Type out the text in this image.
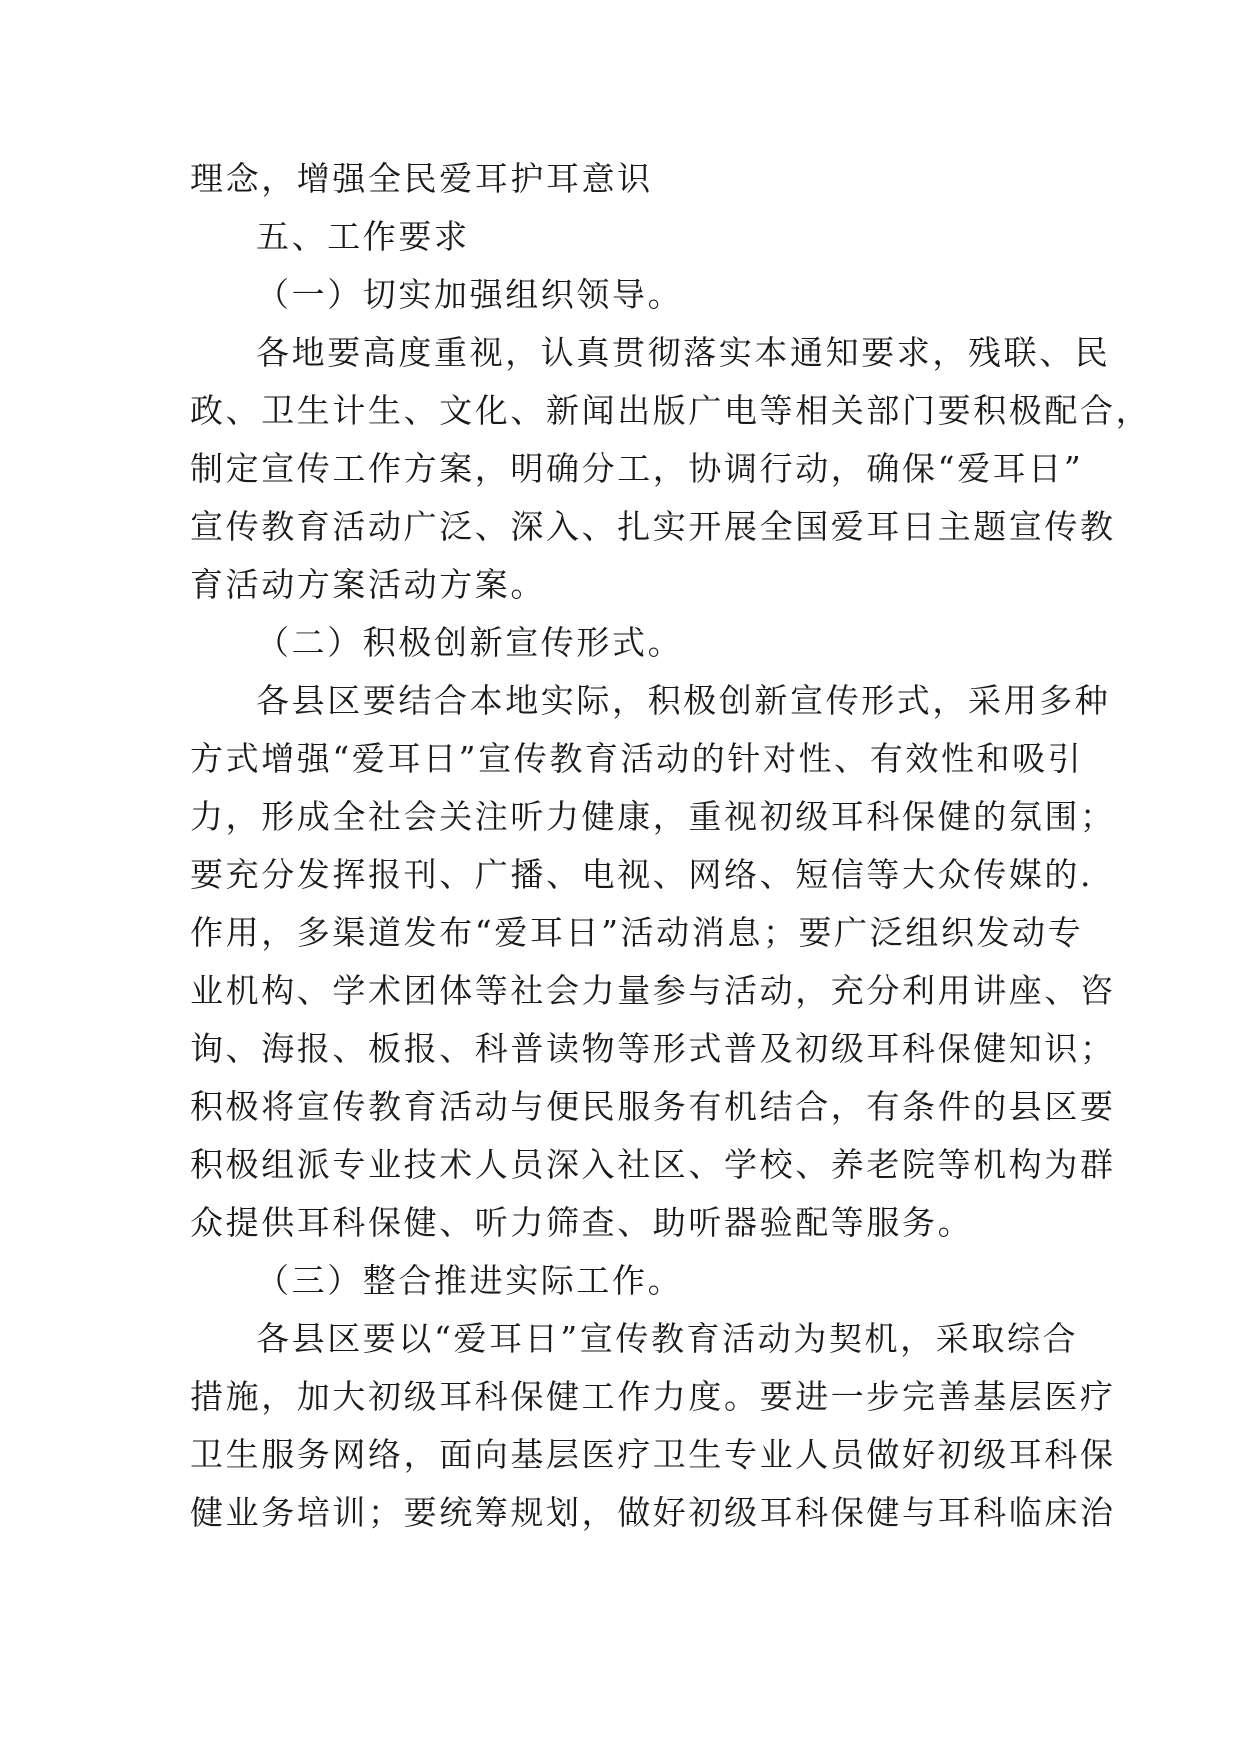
理念，增强全民爱耳护耳意识
五、工作要求
（一）切实加强组织领导。
各地要高度重视，认真贯彻落实本通知要求，残联、民
政、卫生计生、文化、新闻出版广电等相关部门要积极配合，
制定宣传工作方案，明确分工，协调行动，确保“爱耳日”
宣传教育活动广泛、深入、扎实开展全国爱耳日主题宣传教
育活动方案活动方案。
（二）积极创新宣传形式。
各县区要结合本地实际，积极创新宣传形式，采用多种
方式增强“爱耳日”宣传教育活动的针对性、有效性和吸引
力，形成全社会关注听力健康，重视初级耳科保健的氛围；
要充分发挥报刊、广播、电视、网络、短信等大众传媒的.
作用，多渠道发布“爱耳日”活动消息；要广泛组织发动专
业机构、学术团体等社会力量参与活动，充分利用讲座、咨
询、海报、板报、科普读物等形式普及初级耳科保健知识；
积极将宣传教育活动与便民服务有机结合，有条件的县区要
积极组派专业技术人员深入社区、学校、养老院等机构为群
众提供耳科保健、听力筛查、助听器验配等服务。
（三）整合推进实际工作。
各县区要以“爱耳日”宣传教育活动为契机，采取综合
措施，加大初级耳科保健工作力度。要进一步完善基层医疗
卫生服务网络，面向基层医疗卫生专业人员做好初级耳科保
健业务培训；要统筹规划，做好初级耳科保健与耳科临床治
